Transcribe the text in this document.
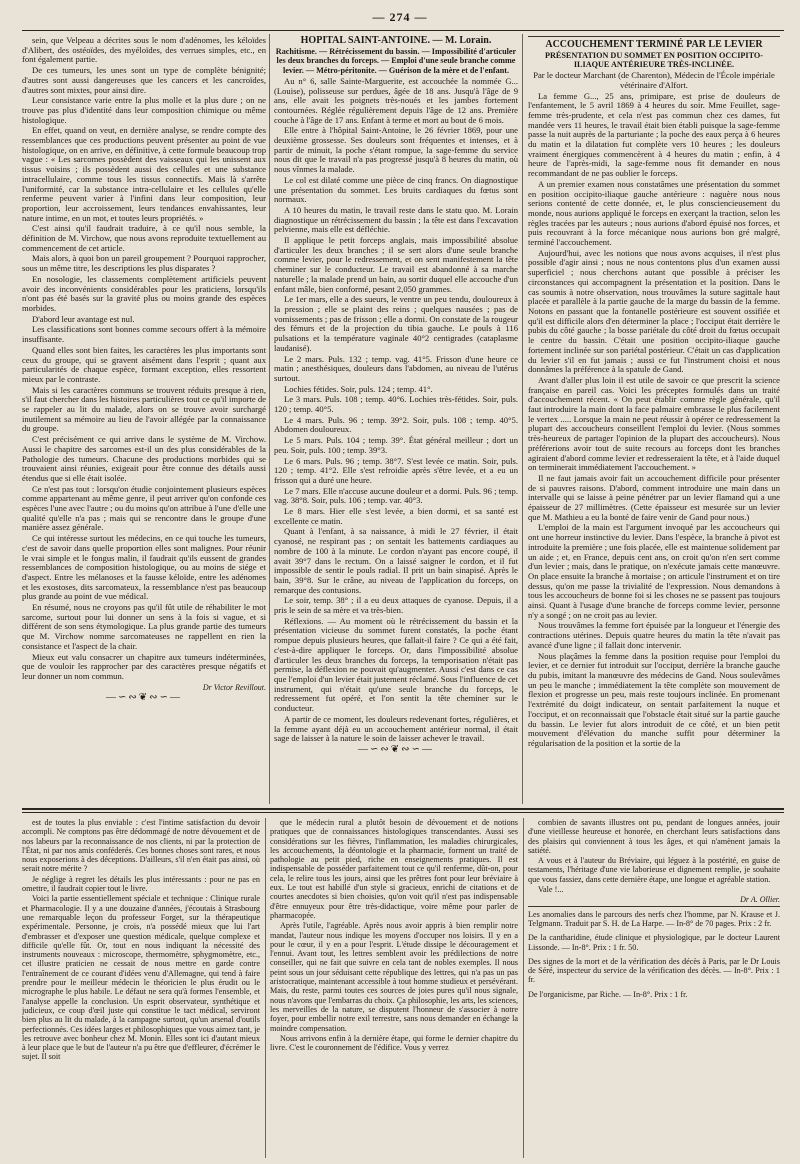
— 274 —

sein, que Velpeau a décrites sous le nom d'adénomes, les kéloïdes d'Alibert, des ostéoïdes, des myéloïdes, des verrues simples, etc., en font également partie.

De ces tumeurs, les unes sont un type de complète bénignité; d'autres sont aussi dangereuses que les cancers et les cancroïdes, d'autres sont mixtes, pour ainsi dire.

Leur consistance varie entre la plus molle et la plus dure ; on ne trouve pas plus d'identité dans leur composition chimique ou même histologique.

En effet, quand on veut, en dernière analyse, se rendre compte des ressemblances que ces productions peuvent présenter au point de vue histologique, on en arrive, en définitive, à cette formule beaucoup trop vague : « Les sarcomes possèdent des vaisseaux qui les unissent aux tissus voisins ; ils possèdent aussi des cellules et une substance intracellulaire, comme tous les tissus connectifs. Mais là s'arrête l'uniformité, car la substance intra-cellulaire et les cellules qu'elle renferme peuvent varier à l'infini dans leur composition, leur proportion, leur accroissement, leurs tendances envahissantes, leur nature intime, en un mot, et toutes leurs propriétés. »

C'est ainsi qu'il faudrait traduire, à ce qu'il nous semble, la définition de M. Virchow, que nous avons reproduite textuellement au commencement de cet article.

Mais alors, à quoi bon un pareil groupement ? Pourquoi rapprocher, sous un même titre, les descriptions les plus disparates ?

En nosologie, les classements complètement artificiels peuvent avoir des inconvénients considérables pour les praticiens, lorsqu'ils n'ont pas été basés sur la gravité plus ou moins grande des espèces morbides.

D'abord leur avantage est nul.

Les classifications sont bonnes comme secours offert à la mémoire insuffisante.

Quand elles sont bien faites, les caractères les plus importants sont ceux du groupe, qui se gravent aisément dans l'esprit ; quant aux particularités de chaque espèce, formant exception, elles ressortent mieux par le contraste.

Mais si les caractères communs se trouvent réduits presque à rien, s'il faut chercher dans les histoires particulières tout ce qu'il importe de se rappeler au lit du malade, alors on se trouve avoir surchargé inutilement sa mémoire au lieu de l'avoir allégée par la connaissance du groupe.

C'est précisément ce qui arrive dans le système de M. Virchow. Aussi le chapitre des sarcomes est-il un des plus considérables de la Pathologie des tumeurs. Chacune des productions morbides qui se trouvaient ainsi réunies, exigeait pour être connue des détails aussi étendus que si elle était isolée.

Ce n'est pas tout : lorsqu'on étudie conjointement plusieurs espèces comme appartenant au même genre, il peut arriver qu'on confonde ces espèces l'une avec l'autre ; ou du moins qu'on attribue à l'une d'elle une qualité qu'elle n'a pas ; mais qui se rencontre dans le groupe d'une manière assez générale.

Ce qui intéresse surtout les médecins, en ce qui touche les tumeurs, c'est de savoir dans quelle proportion elles sont malignes. Pour réunir le vrai simple et le fongus malin, il faudrait qu'ils eussent de grandes ressemblances de composition histologique, ou au moins de siége et d'aspect. Entre les mélanoses et la fausse kéloïde, entre les adénomes et les exostoses, dits sarcomateux, la ressemblance n'est pas beaucoup plus grande au point de vue médical.

En résumé, nous ne croyons pas qu'il fût utile de réhabiliter le mot sarcome, surtout pour lui donner un sens à la fois si vague, et si différent de son sens étymologique. La plus grande partie des tumeurs que M. Virchow nomme sarcomateuses ne rappellent en rien la consistance et l'aspect de la chair.

Mieux eut valu consacrer un chapitre aux tumeurs indéterminées, que de vouloir les rapprocher par des caractères presque négatifs et leur donner un nom commun.

Dr Victor Revillout.

—∽∾❦∾∽—

HOPITAL SAINT-ANTOINE. — M. Lorain.

Rachitisme. — Rétrécissement du bassin. — Impossibilité d'articuler les deux branches du forceps. — Emploi d'une seule branche comme levier. — Métro-péritonite. — Guérison de la mère et de l'enfant.

Au n° 6, salle Sainte-Marguerite, est accouchée la nommée G... (Louise), polisseuse sur perdues, âgée de 18 ans. Jusqu'à l'âge de 9 ans, elle avait les poignets très-noués et les jambes fortement contournées. Réglée régulièrement depuis l'âge de 12 ans. Première couche à l'âge de 17 ans. Enfant à terme et mort au bout de 6 mois.

Elle entre à l'hôpital Saint-Antoine, le 26 février 1869, pour une deuxième grossesse. Ses douleurs sont fréquentes et intenses, et à partir de minuit, la poche s'étant rompue, la sage-femme du service nous dit que le travail n'a pas progressé jusqu'à 8 heures du matin, où nous vînmes la malade.

Le col est dilaté comme une pièce de cinq francs. On diagnostique une présentation du sommet. Les bruits cardiaques du fœtus sont normaux.

A 10 heures du matin, le travail reste dans le statu quo. M. Lorain diagnostique un rétrécissement du bassin ; la tête est dans l'excavation pelvienne, mais elle est défléchie.

Il applique le petit forceps anglais, mais impossibilité absolue d'articuler les deux branches ; il se sert alors d'une seule branche comme levier, pour le redressement, et on sent manifestement la tête cheminer sur le conducteur. Le travail est abandonné à sa marche naturelle ; la malade prend un bain, au sortir duquel elle accouche d'un enfant mâle, bien conformé, pesant 2,050 grammes.

Le 1er mars, elle a des sueurs, le ventre un peu tendu, douloureux à la pression ; elle se plaint des reins ; quelques nausées ; pas de vomissements ; pas de frisson ; elle a dormi. On constate de la rougeur des fémurs et de la projection du tibia gauche. Le pouls à 116 pulsations et la température vaginale 40°2 centigrades (cataplasme laudanisé).

Le 2 mars. Puls. 132 ; temp. vag. 41°5. Frisson d'une heure ce matin ; anesthésiques, douleurs dans l'abdomen, au niveau de l'utérus surtout.

Lochies fétides. Soir, puls. 124 ; temp. 41°.

Le 3 mars. Puls. 108 ; temp. 40°6. Lochies très-fétides. Soir, puls. 120 ; temp. 40°5.

Le 4 mars. Puls. 96 ; temp. 39°2. Soir, puls. 108 ; temp. 40°5. Abdomen douloureux.

Le 5 mars. Puls. 104 ; temp. 39°. État général meilleur ; dort un peu. Soir, puls. 100 ; temp. 39°3.

Le 6 mars. Puls. 96 ; temp. 38°7. S'est levée ce matin. Soir, puls. 120 ; temp. 41°2. Elle s'est refroidie après s'être levée, et a eu un frisson qui a duré une heure.

Le 7 mars. Elle n'accuse aucune douleur et a dormi. Puls. 96 ; temp. vag. 38°8. Soir, puls. 106 ; temp. var. 40°3.

Le 8 mars. Hier elle s'est levée, a bien dormi, et sa santé est excellente ce matin.

Quant à l'enfant, à sa naissance, à midi le 27 février, il était cyanosé, ne respirant pas ; on sentait les battements cardiaques au nombre de 100 à la minute. Le cordon n'ayant pas encore coupé, il avait 39°7 dans le rectum. On a laissé saigner le cordon, et il fut impossible de sentir le pouls radial. Il prit un bain sinapisé. Après le bain, 39°8. Sur le crâne, au niveau de l'application du forceps, on remarque des contusions.

Le soir, temp. 38° ; il a eu deux attaques de cyanose. Depuis, il a pris le sein de sa mère et va très-bien.

Réflexions. — Au moment où le rétrécissement du bassin et la présentation vicieuse du sommet furent constatés, la poche étant rompue depuis plusieurs heures, que fallait-il faire ? Ce qui a été fait, c'est-à-dire appliquer le forceps. Or, dans l'impossibilité absolue d'articuler les deux branches du forceps, la temporisation n'était pas permise, la déflexion ne pouvait qu'augmenter. Aussi c'est dans ce cas que l'emploi d'un levier était justement réclamé. Sous l'influence de cet instrument, qui n'était qu'une seule branche du forceps, le redressement fut opéré, et l'on sentit la tête cheminer sur le conducteur.

A partir de ce moment, les douleurs redevenant fortes, régulières, et la femme ayant déjà eu un accouchement antérieur normal, il était sage de laisser à la nature le soin de laisser achever le travail.

—∽∾❦∾∽—

ACCOUCHEMENT TERMINÉ PAR LE LEVIER

PRÉSENTATION DU SOMMET EN POSITION OCCIPITO-ILIAQUE ANTÉRIEURE TRÈS-INCLINÉE.

Par le docteur Marchant (de Charenton), Médecin de l'École impériale vétérinaire d'Alfort.

La femme G..., 25 ans, primipare, est prise de douleurs de l'enfantement, le 5 avril 1869 à 4 heures du soir. Mme Feuillet, sage-femme très-prudente, et cela n'est pas commun chez ces dames, fut mandée vers 11 heures, le travail était bien établi puisque la sage-femme passe la nuit auprès de la parturiante ; la poche des eaux perça à 6 heures du matin et la dilatation fut complète vers 10 heures ; les douleurs vraiment énergiques commencèrent à 4 heures du matin ; enfin, à 4 heure de l'après-midi, la sage-femme nous fit demander en nous recommandant de ne pas oublier le forceps.

A un premier examen nous constatâmes une présentation du sommet en position occipito-iliaque gauche antérieure : naguère nous nous serions contenté de cette donnée, et, le plus consciencieusement du monde, nous aurions appliqué le forceps en exerçant la traction, selon les règles tracées par les auteurs ; nous aurions d'abord épuisé nos forces, et puis recouvrant à la force mécanique nous aurions bon gré malgré, terminé l'accouchement.

Aujourd'hui, avec les notions que nous avons acquises, il n'est plus possible d'agir ainsi ; nous ne nous contentons plus d'un examen aussi superficiel ; nous cherchons autant que possible à préciser les circonstances qui accompagnent la présentation et la position. Dans le cas soumis à notre observation, nous trouvâmes la suture sagittale haut placée et parallèle à la partie gauche de la marge du bassin de la femme. Notons en passant que la fontanelle postérieure est souvent ossifiée et qu'il est difficile alors d'en déterminer la place ; l'occiput était derrière le pubis du côté gauche ; la bosse pariétale du côté droit du fœtus occupait le centre du bassin. C'était une position occipito-iliaque gauche fortement inclinée sur son pariétal postérieur. C'était un cas d'application du levier s'il en fut jamais ; aussi ce fut l'instrument choisi et nous donnâmes la préférence à la spatule de Gand.

Avant d'aller plus loin il est utile de savoir ce que prescrit la science française en pareil cas. Voici les préceptes formulés dans un traité d'accouchement récent. « On peut établir comme règle générale, qu'il faut introduire la main dont la face palmaire embrasse le plus facilement le vertex ..... Lorsque la main ne peut réussir à opérer ce redressement la plupart des accoucheurs conseillent l'emploi du levier. (Nous sommes très-heureux de partager l'opinion de la plupart des accoucheurs). Nous préférerions avoir tout de suite recours au forceps dont les branches agiraient d'abord comme levier et redresseraient la tête, et à l'aide duquel on terminerait immédiatement l'accouchement. »

Il ne faut jamais avoir fait un accouchement difficile pour présenter de si pauvres raisons. D'abord, comment introduire une main dans un intervalle qui se laisse à peine pénétrer par un levier flamand qui a une épaisseur de 27 millimètres. (Cette épaisseur est mesurée sur un levier que M. Mathieu a eu la bonté de faire venir de Gand pour nous.)

L'emploi de la main est l'argument invoqué par les accoucheurs qui ont une horreur instinctive du levier. Dans l'espèce, la branche à pivot est introduite la première ; une fois placée, elle est maintenue solidement par un aide ; et, en France, depuis cent ans, on croit qu'on n'en sert comme d'un levier ; mais, dans le pratique, on n'exécute jamais cette manœuvre. On place ensuite la branche à mortaise ; on articule l'instrument et on tire dessus, qu'on me passe la trivialité de l'expression. Nous demandons à tous les accoucheurs de bonne foi si les choses ne se passent pas toujours ainsi. Quant à l'usage d'une branche de forceps comme levier, personne n'y a songé ; on ne croit pas au levier.

Nous trouvâmes la femme fort épuisée par la longueur et l'énergie des contractions utérines. Depuis quatre heures du matin la tête n'avait pas avancé d'une ligne ; il fallait donc intervenir.

Nous plaçâmes la femme dans la position requise pour l'emploi du levier, et ce dernier fut introduit sur l'occiput, derrière la branche gauche du pubis, imitant la manœuvre des médecins de Gand. Nous soulevâmes un peu le manche ; immédiatement la tête complète son mouvement de flexion et progresse un peu, mais reste toujours inclinée. En promenant l'extrémité du doigt indicateur, on sentait parfaitement la nuque et l'occiput, et on reconnaissait que l'obstacle était situé sur la partie gauche du bassin. Le levier fut alors introduit de ce côté, et un bien petit mouvement d'élévation du manche suffit pour déterminer la régularisation de la position et la sortie de la

est de toutes la plus enviable : c'est l'intime satisfaction du devoir accompli. Ne comptons pas être dédommagé de notre dévouement et de nos labeurs par la reconnaissance de nos clients, ni par la protection de l'État, ni par nos amis conféderés. Ces bonnes choses sont rares, et nous nous exposerions à des déceptions. D'ailleurs, s'il n'en était pas ainsi, où serait notre mérite ?

Je néglige à regret les détails les plus intéressants : pour ne pas en omettre, il faudrait copier tout le livre.

Voici la partie essentiellement spéciale et technique : Clinique rurale et Pharmacologie. Il y a une douzaine d'années, j'écoutais à Strasbourg une remarquable leçon du professeur Forget, sur la thérapeutique expérimentale. Personne, je crois, n'a possédé mieux que lui l'art d'embrasser et d'exposer une question médicale, quelque complexe et difficile qu'elle fût. Or, tout en nous indiquant la nécessité des instruments nouveaux : microscope, thermomètre, sphygmomètre, etc., cet illustre praticien ne cessait de nous mettre en garde contre l'entraînement de ce courant d'idées venu d'Allemagne, qui tend à faire prendre pour le meilleur médecin le théoricien le plus érudit ou le micrographe le plus habile. Le défaut ne sera qu'à formes l'ensemble, et l'analyse appelle la conclusion. Un esprit observateur, synthétique et judicieux, ce coup d'œil juste qui constitue le tact médical, serviront bien plus au lit du malade, à la campagne surtout, qu'un arsenal d'outils perfectionnés. Ces idées larges et philosophiques que vous aimez tant, je les retrouve avec bonheur chez M. Monin. Elles sont ici d'autant mieux à leur place que le but de l'auteur n'a pu être que d'effleurer, d'écrémer le sujet. Il soit

que le médecin rural a plutôt besoin de dévouement et de notions pratiques que de connaissances histologiques transcendantes. Aussi ses considérations sur les fièvres, l'inflammation, les maladies chirurgicales, les accouchements, la déontologie et la pharmacie, forment un traité de pathologie au petit pied, riche en enseignements pratiques. Il est indispensable de posséder parfaitement tout ce qu'il renferme, dût-on, pour cela, le relire tous les jours, ainsi que les prêtres font pour leur bréviaire à eux. Le tout est habillé d'un style si gracieux, enrichi de citations et de courtes anecdotes si bien choisies, qu'on voit qu'il n'est pas indispensable d'être ennuyeux pour être très-didactique, voire même pour parler de pharmacopée.

Après l'utile, l'agréable. Après nous avoir appris à bien remplir notre mandat, l'auteur nous indique les moyens d'occuper nos loisirs. Il y en a pour le cœur, il y en a pour l'esprit. L'étude dissipe le découragement et l'ennui. Avant tout, les lettres semblent avoir les prédilections de notre conseiller, qui ne fait que suivre en cela tant de nobles exemples. Il nous peint sous un jour séduisant cette république des lettres, qui n'a pas un pas aristocratique, maintenant accessible à tout homme studieux et persévérant. Mais, du reste, parmi toutes ces sources de joies pures qu'il nous signale, nous n'avons que l'embarras du choix. Ça philosophie, les arts, les sciences, les merveilles de la nature, se disputent l'honneur de s'associer à notre foyer, pour embellir notre exil terrestre, sans nous demander en échange la moindre compensation.

Nous arrivons enfin à la dernière étape, qui forme le dernier chapitre du livre. C'est le couronnement de l'édifice. Vous y verrez

combien de savants illustres ont pu, pendant de longues années, jouir d'une vieillesse heureuse et honorée, en cherchant leurs satisfactions dans des plaisirs qui conviennent à tous les âges, et qui n'amènent jamais la satiété.

A vous et à l'auteur du Bréviaire, qui léguez à la postérité, en guise de testaments, l'héritage d'une vie laborieuse et dignement remplie, je souhaite que vous fassiez, dans cette dernière étape, une longue et agréable station.

Vale !...

Dr A. Ollier.

Les anomalies dans le parcours des nerfs chez l'homme, par N. Krause et J. Telgmann. Traduit par S. H. de La Harpe. — In-8° de 70 pages. Prix : 2 fr.

De la cantharidine, étude clinique et physiologique, par le docteur Laurent Lissonde. — In-8°. Prix : 1 fr. 50.

Des signes de la mort et de la vérification des décès à Paris, par le Dr Louis de Séré, inspecteur du service de la vérification des décès. — In-8°. Prix : 1 fr.

De l'organicisme, par Riche. — In-8°. Prix : 1 fr.
